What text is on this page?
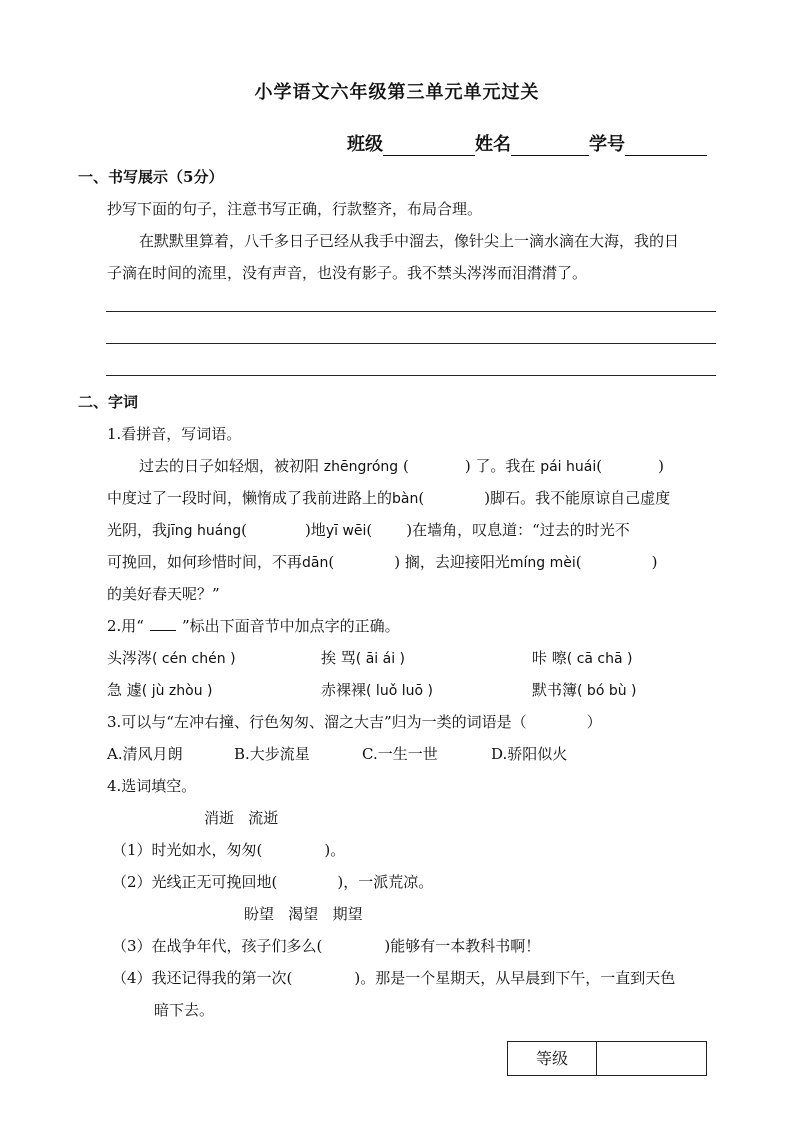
小学语文六年级第三单元单元过关
班级	姓名	学号
一、书写展示（5分）
抄写下面的句子，注意书写正确，行款整齐，布局合理。
在默默里算着，八千多日子已经从我手中溜去，像针尖上一滴水滴在大海，我的日
子滴在时间的流里，没有声音，也没有影子。我不禁头涔涔而泪潸潸了。
二、字词
1.看拼音，写词语。
过去的日子如轻烟，被初阳 zhēngróng (	) 了。我在 pái huái(	)
中度过了一段时间，懒惰成了我前进路上的bàn(	)脚石。我不能原谅自己虚度
光阴，我jīng huáng(	)地yī wēi( )在墙角，叹息道：“过去的时光不
可挽回，如何珍惜时间，不再dān(	) 搁，去迎接阳光míng mèi(	)
的美好春天呢？”
2.用“	”标出下面音节中加点字的正确。
头涔涔( cén chén )	挨 骂( āi ái )	咔 嚓( cā chā )
急 遽( jù zhòu )	赤裸裸( luǒ luō )	默书簿( bó bù )
3.可以与“左冲右撞、行色匆匆、溜之大吉”归为一类的词语是（	）
A.清风月朗	B.大步流星	C.一生一世	D.骄阳似火
4.选词填空。
消逝   流逝
（1）时光如水，匆匆(	)。
（2）光线正无可挽回地(	)，一派荒凉。
盼望   渴望   期望
（3）在战争年代，孩子们多么(	)能够有一本教科书啊！
（4）我还记得我的第一次(	)。那是一个星期天，从早晨到下午，一直到天色
暗下去。
等级
